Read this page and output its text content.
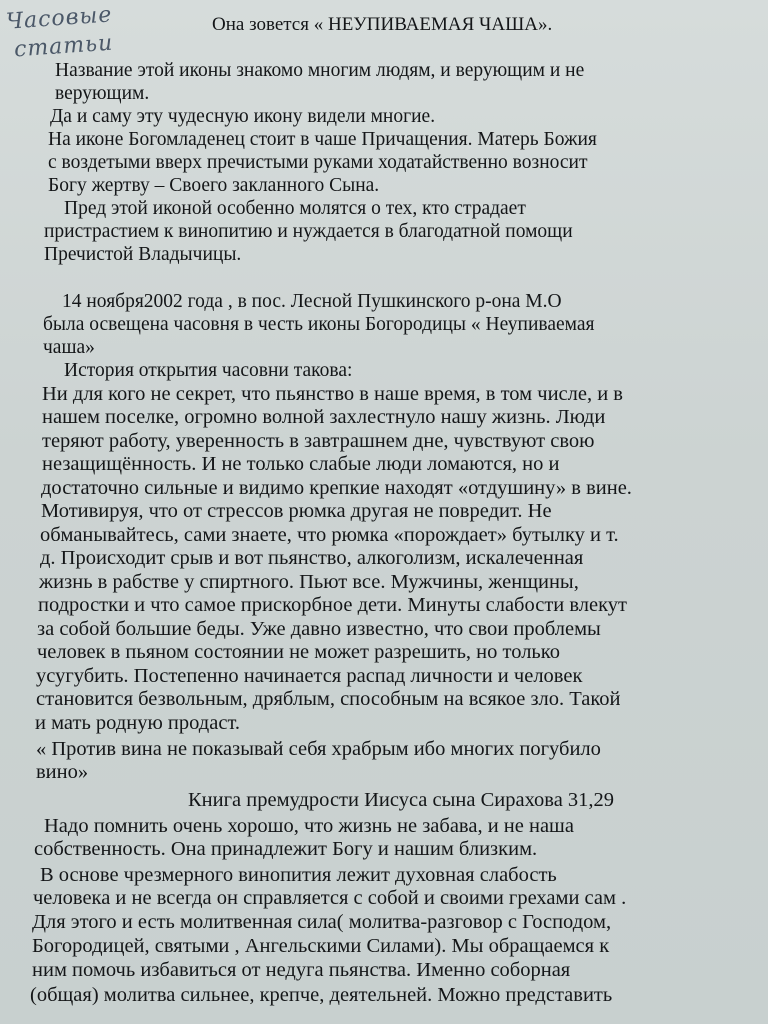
Часовые
статьи
Она зовется « НЕУПИВАЕМАЯ ЧАША».
Название этой иконы знакомо многим людям, и верующим и не
верующим.
Да и саму эту чудесную икону видели многие.
На иконе Богомладенец стоит в чаше Причащения. Матерь Божия
с воздетыми вверх пречистыми руками ходатайственно возносит
Богу жертву – Своего закланного Сына.
Пред этой иконой особенно молятся о тех, кто страдает
пристрастием к винопитию и нуждается в благодатной помощи
Пречистой Владычицы.
14 ноября2002 года , в пос. Лесной Пушкинского р-она М.О
была освещена часовня в честь иконы Богородицы « Неупиваемая
чаша»
История открытия часовни такова:
Ни для кого не секрет, что пьянство в наше время, в том числе, и в
нашем поселке, огромно волной захлестнуло нашу жизнь. Люди
теряют работу, уверенность в завтрашнем дне, чувствуют свою
незащищённость. И не только слабые люди ломаются, но и
достаточно сильные и видимо крепкие находят «отдушину» в вине.
Мотивируя, что от стрессов рюмка другая не повредит. Не
обманывайтесь, сами знаете, что рюмка «порождает» бутылку и т.
д. Происходит срыв и вот пьянство, алкоголизм, искалеченная
жизнь в рабстве у спиртного. Пьют все. Мужчины, женщины,
подростки и что самое прискорбное дети. Минуты слабости влекут
за собой большие беды. Уже давно известно, что свои проблемы
человек в пьяном состоянии не может разрешить, но только
усугубить. Постепенно начинается распад личности и человек
становится безвольным, дряблым, способным на всякое зло. Такой
и мать родную продаст.
« Против вина не показывай себя храбрым ибо многих погубило
вино»
Книга премудрости Иисуса сына Сирахова 31,29
Надо помнить очень хорошо, что жизнь не забава, и не наша
собственность. Она принадлежит Богу и нашим близким.
В основе чрезмерного винопития лежит духовная слабость
человека и не всегда он справляется с собой и своими грехами сам .
Для этого и есть молитвенная сила( молитва-разговор с Господом,
Богородицей, святыми , Ангельскими Силами). Мы обращаемся к
ним помочь избавиться от недуга пьянства. Именно соборная
(общая) молитва сильнее, крепче, деятельней. Можно представить
